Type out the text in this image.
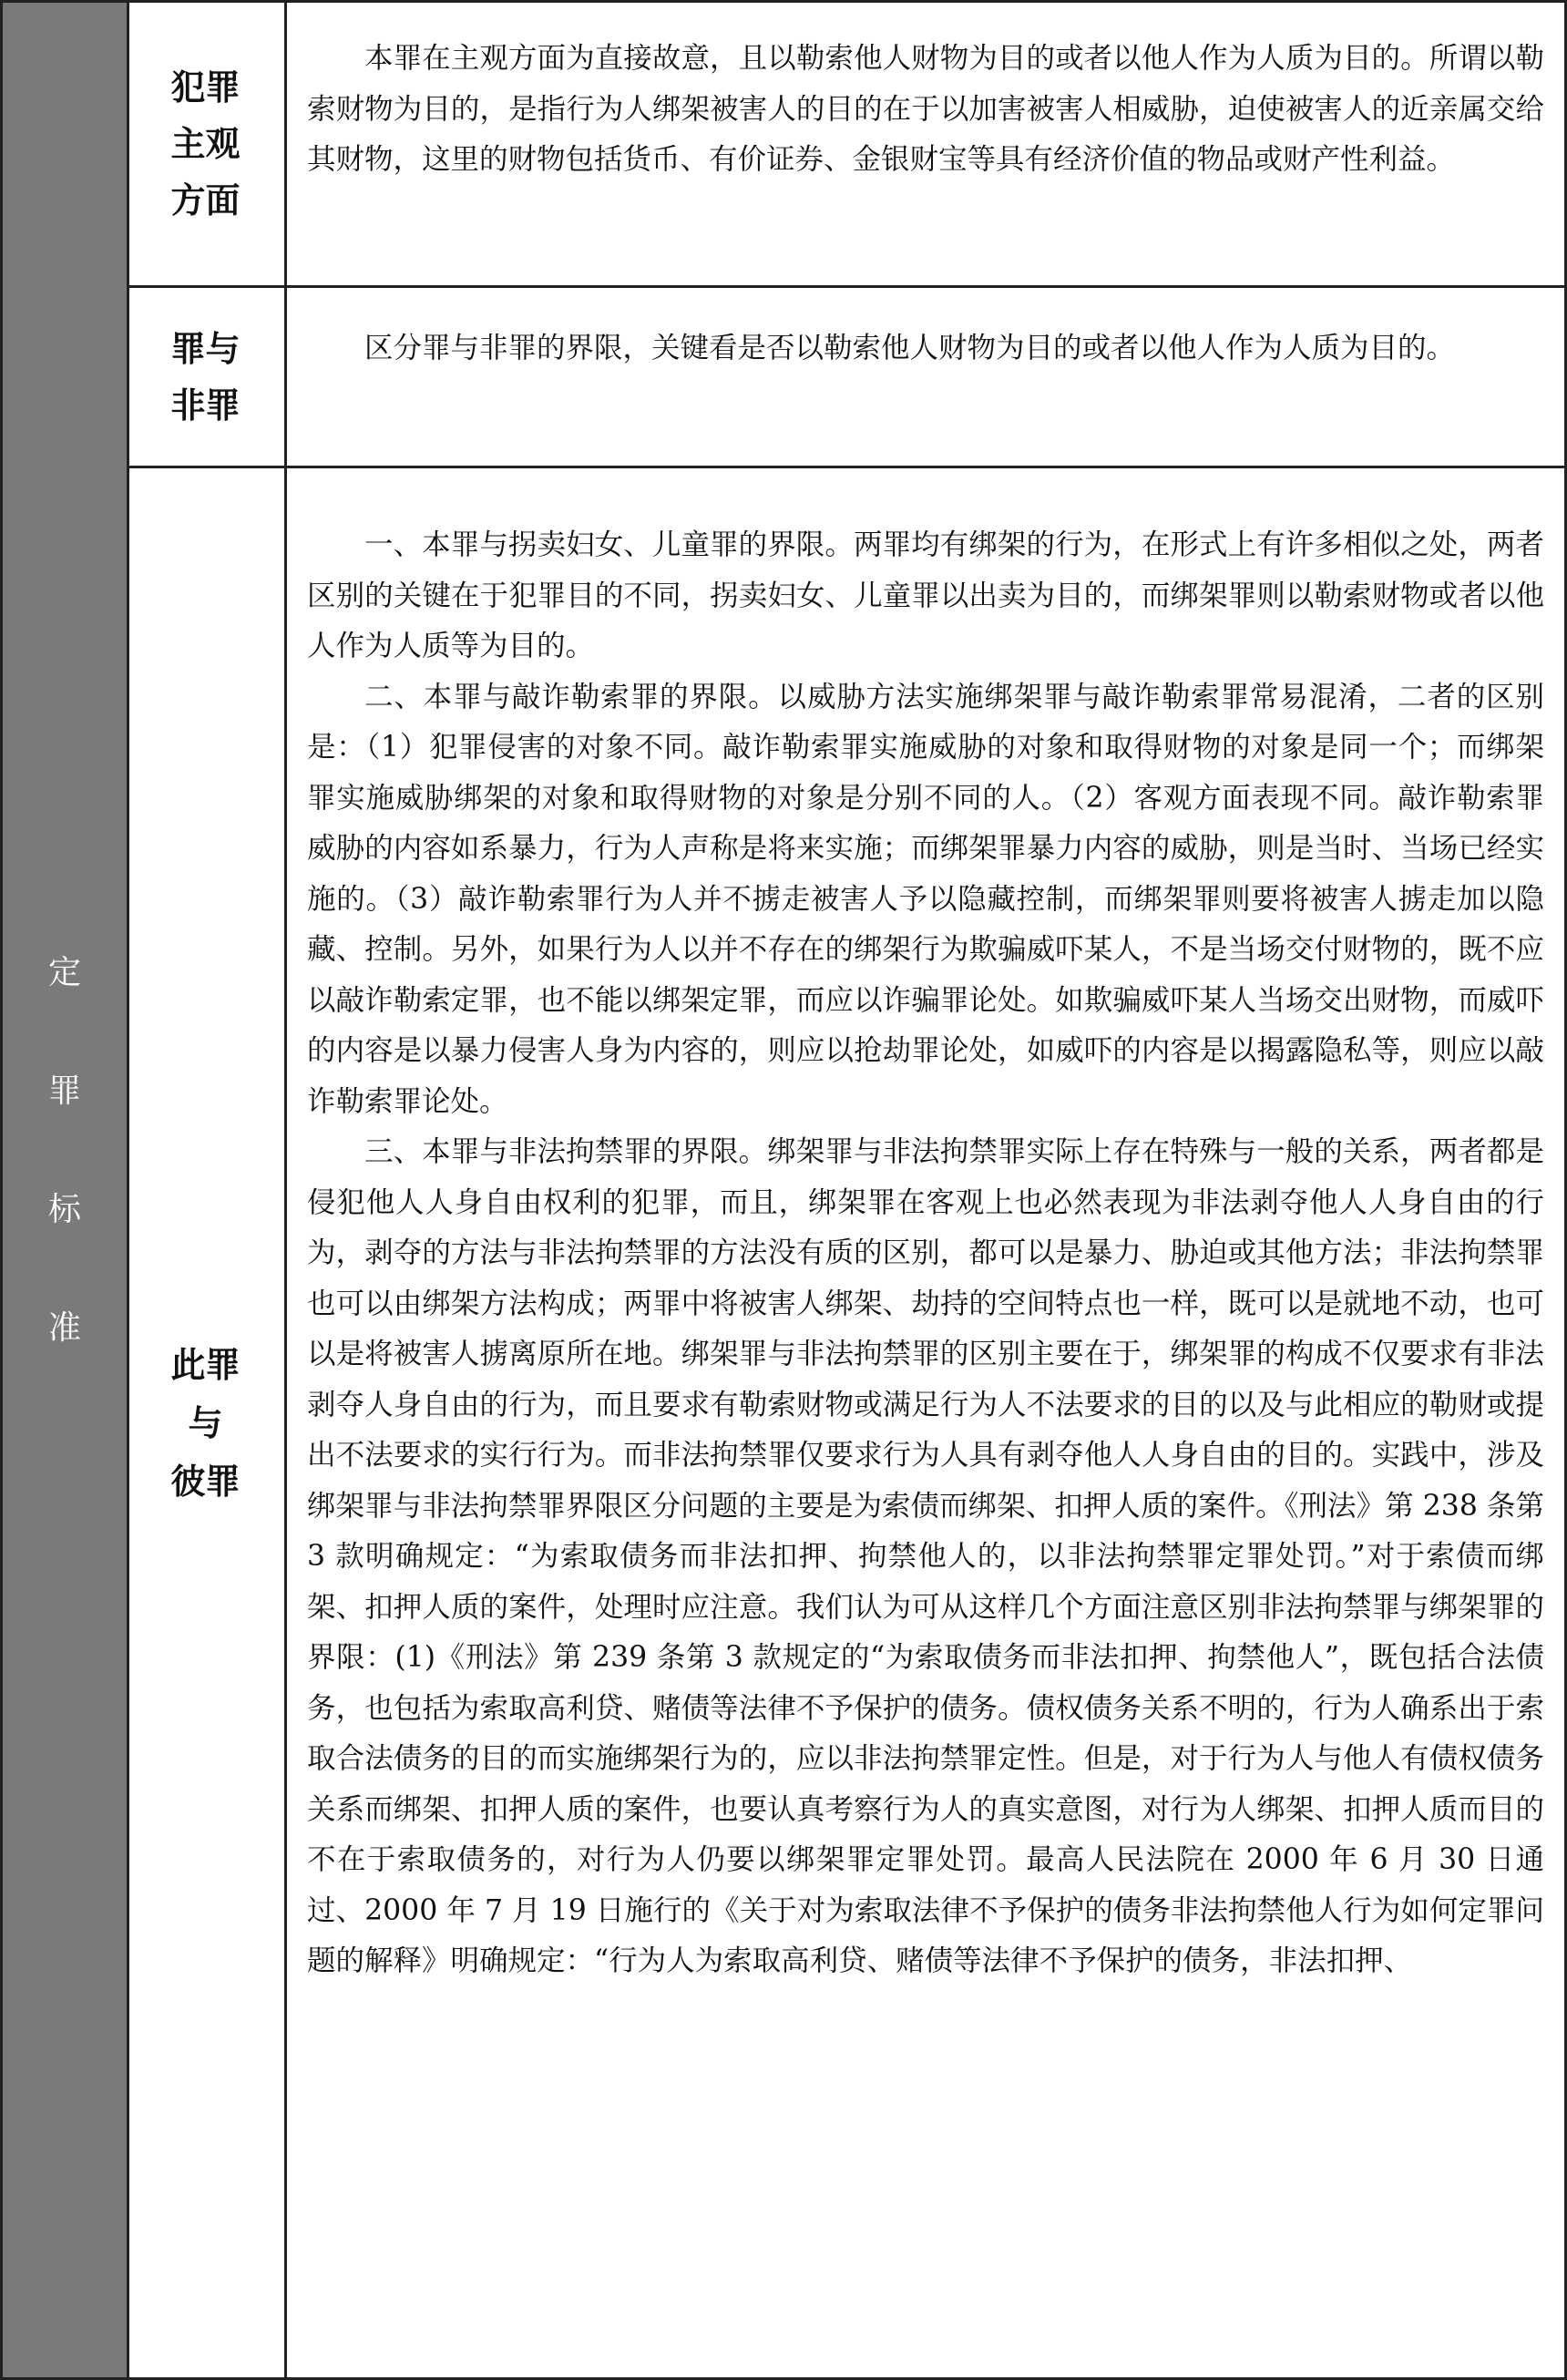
定
罪
标
准
犯罪
主观
方面

本罪在主观方面为直接故意，且以勒索他人财物为目的或者以他人作为人质为目的。所谓以勒索财物为目的，是指行为人绑架被害人的目的在于以加害被害人相威胁，迫使被害人的近亲属交给其财物，这里的财物包括货币、有价证券、金银财宝等具有经济价值的物品或财产性利益。

罪与
非罪

区分罪与非罪的界限，关键看是否以勒索他人财物为目的或者以他人作为人质为目的。

此罪
与
彼罪

一、本罪与拐卖妇女、儿童罪的界限。两罪均有绑架的行为，在形式上有许多相似之处，两者区别的关键在于犯罪目的不同，拐卖妇女、儿童罪以出卖为目的，而绑架罪则以勒索财物或者以他人作为人质等为目的。

二、本罪与敲诈勒索罪的界限。以威胁方法实施绑架罪与敲诈勒索罪常易混淆，二者的区别是：（1）犯罪侵害的对象不同。敲诈勒索罪实施威胁的对象和取得财物的对象是同一个；而绑架罪实施威胁绑架的对象和取得财物的对象是分别不同的人。（2）客观方面表现不同。敲诈勒索罪威胁的内容如系暴力，行为人声称是将来实施；而绑架罪暴力内容的威胁，则是当时、当场已经实施的。（3）敲诈勒索罪行为人并不掳走被害人予以隐藏控制，而绑架罪则要将被害人掳走加以隐藏、控制。另外，如果行为人以并不存在的绑架行为欺骗威吓某人，不是当场交付财物的，既不应以敲诈勒索定罪，也不能以绑架定罪，而应以诈骗罪论处。如欺骗威吓某人当场交出财物，而威吓的内容是以暴力侵害人身为内容的，则应以抢劫罪论处，如威吓的内容是以揭露隐私等，则应以敲诈勒索罪论处。

三、本罪与非法拘禁罪的界限。绑架罪与非法拘禁罪实际上存在特殊与一般的关系，两者都是侵犯他人人身自由权利的犯罪，而且，绑架罪在客观上也必然表现为非法剥夺他人人身自由的行为，剥夺的方法与非法拘禁罪的方法没有质的区别，都可以是暴力、胁迫或其他方法；非法拘禁罪也可以由绑架方法构成；两罪中将被害人绑架、劫持的空间特点也一样，既可以是就地不动，也可以是将被害人掳离原所在地。绑架罪与非法拘禁罪的区别主要在于，绑架罪的构成不仅要求有非法剥夺人身自由的行为，而且要求有勒索财物或满足行为人不法要求的目的以及与此相应的勒财或提出不法要求的实行行为。而非法拘禁罪仅要求行为人具有剥夺他人人身自由的目的。实践中，涉及绑架罪与非法拘禁罪界限区分问题的主要是为索债而绑架、扣押人质的案件。《刑法》第 238 条第 3 款明确规定：“为索取债务而非法扣押、拘禁他人的，以非法拘禁罪定罪处罚。”对于索债而绑架、扣押人质的案件，处理时应注意。我们认为可从这样几个方面注意区别非法拘禁罪与绑架罪的界限：(1)《刑法》第 239 条第 3 款规定的“为索取债务而非法扣押、拘禁他人”，既包括合法债务，也包括为索取高利贷、赌债等法律不予保护的债务。债权债务关系不明的，行为人确系出于索取合法债务的目的而实施绑架行为的，应以非法拘禁罪定性。但是，对于行为人与他人有债权债务关系而绑架、扣押人质的案件，也要认真考察行为人的真实意图，对行为人绑架、扣押人质而目的不在于索取债务的，对行为人仍要以绑架罪定罪处罚。最高人民法院在 2000 年 6 月 30 日通过、2000 年 7 月 19 日施行的《关于对为索取法律不予保护的债务非法拘禁他人行为如何定罪问题的解释》明确规定：“行为人为索取高利贷、赌债等法律不予保护的债务，非法扣押、
